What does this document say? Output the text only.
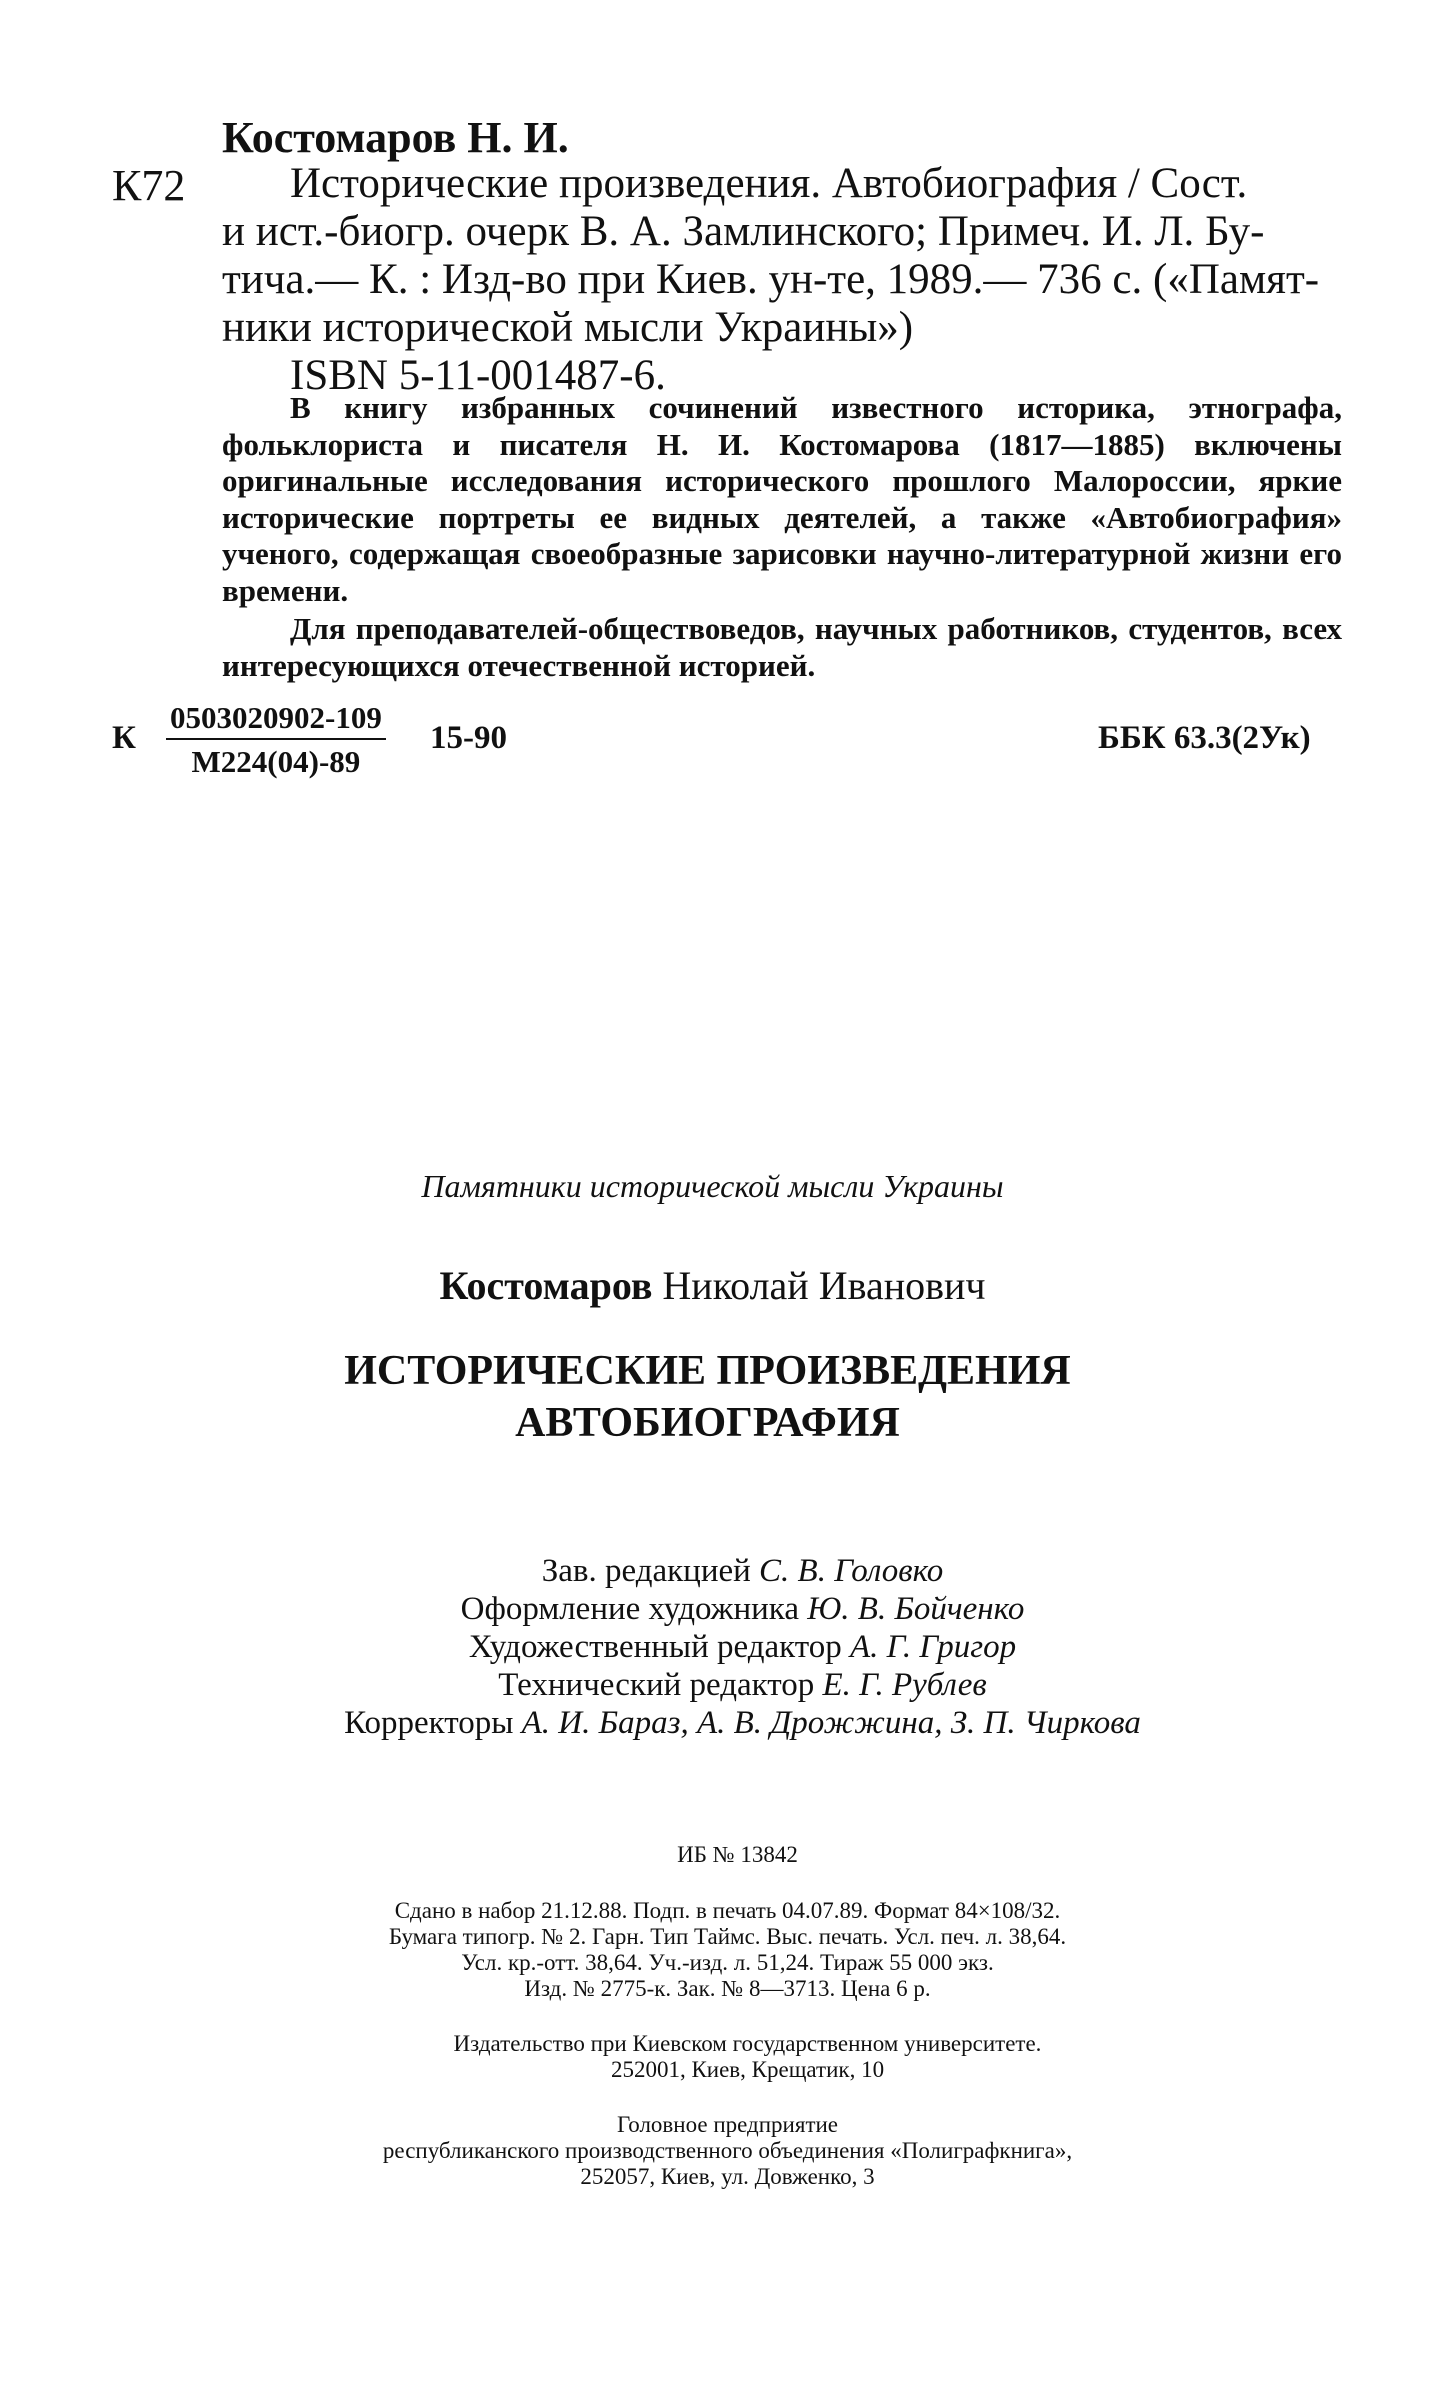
Костомаров Н. И.
К72	Исторические произведения. Автобиография / Сост.
и ист.-биогр. очерк В. А. Замлинского; Примеч. И. Л. Бу-
тича.— К. : Изд-во при Киев. ун-те, 1989.— 736 с. («Памят-
ники исторической мысли Украины»)
ISBN 5-11-001487-6.

В книгу избранных сочинений известного историка, этнографа, фольклориста и писателя Н. И. Костомарова (1817—1885) включены оригинальные исследования исторического прошлого Малороссии, яркие исторические портреты ее видных деятелей, а также «Автобиография» ученого, содержащая своеобразные зарисовки научно-литературной жизни его времени.

Для преподавателей-обществоведов, научных работников, студентов, всех интересующихся отечественной историей.

К
0503020902-109
М224(04)-89
15-90	ББК 63.3(2Ук)
Памятники исторической мысли Украины
Костомаров Николай Иванович
ИСТОРИЧЕСКИЕ ПРОИЗВЕДЕНИЯ
АВТОБИОГРАФИЯ
Зав. редакцией С. В. Головко
Оформление художника Ю. В. Бойченко
Художественный редактор А. Г. Григор
Технический редактор Е. Г. Рублев
Корректоры А. И. Бараз, А. В. Дрожжина, З. П. Чиркова
ИБ № 13842
Сдано в набор 21.12.88. Подп. в печать 04.07.89. Формат 84×108/32.
Бумага типогр. № 2. Гарн. Тип Таймс. Выс. печать. Усл. печ. л. 38,64.
Усл. кр.-отт. 38,64. Уч.-изд. л. 51,24. Тираж 55 000 экз.
Изд. № 2775-к. Зак. № 8—3713. Цена 6 р.
Издательство при Киевском государственном университете.
252001, Киев, Крещатик, 10
Головное предприятие
республиканского производственного объединения «Полиграфкнига»,
252057, Киев, ул. Довженко, 3
